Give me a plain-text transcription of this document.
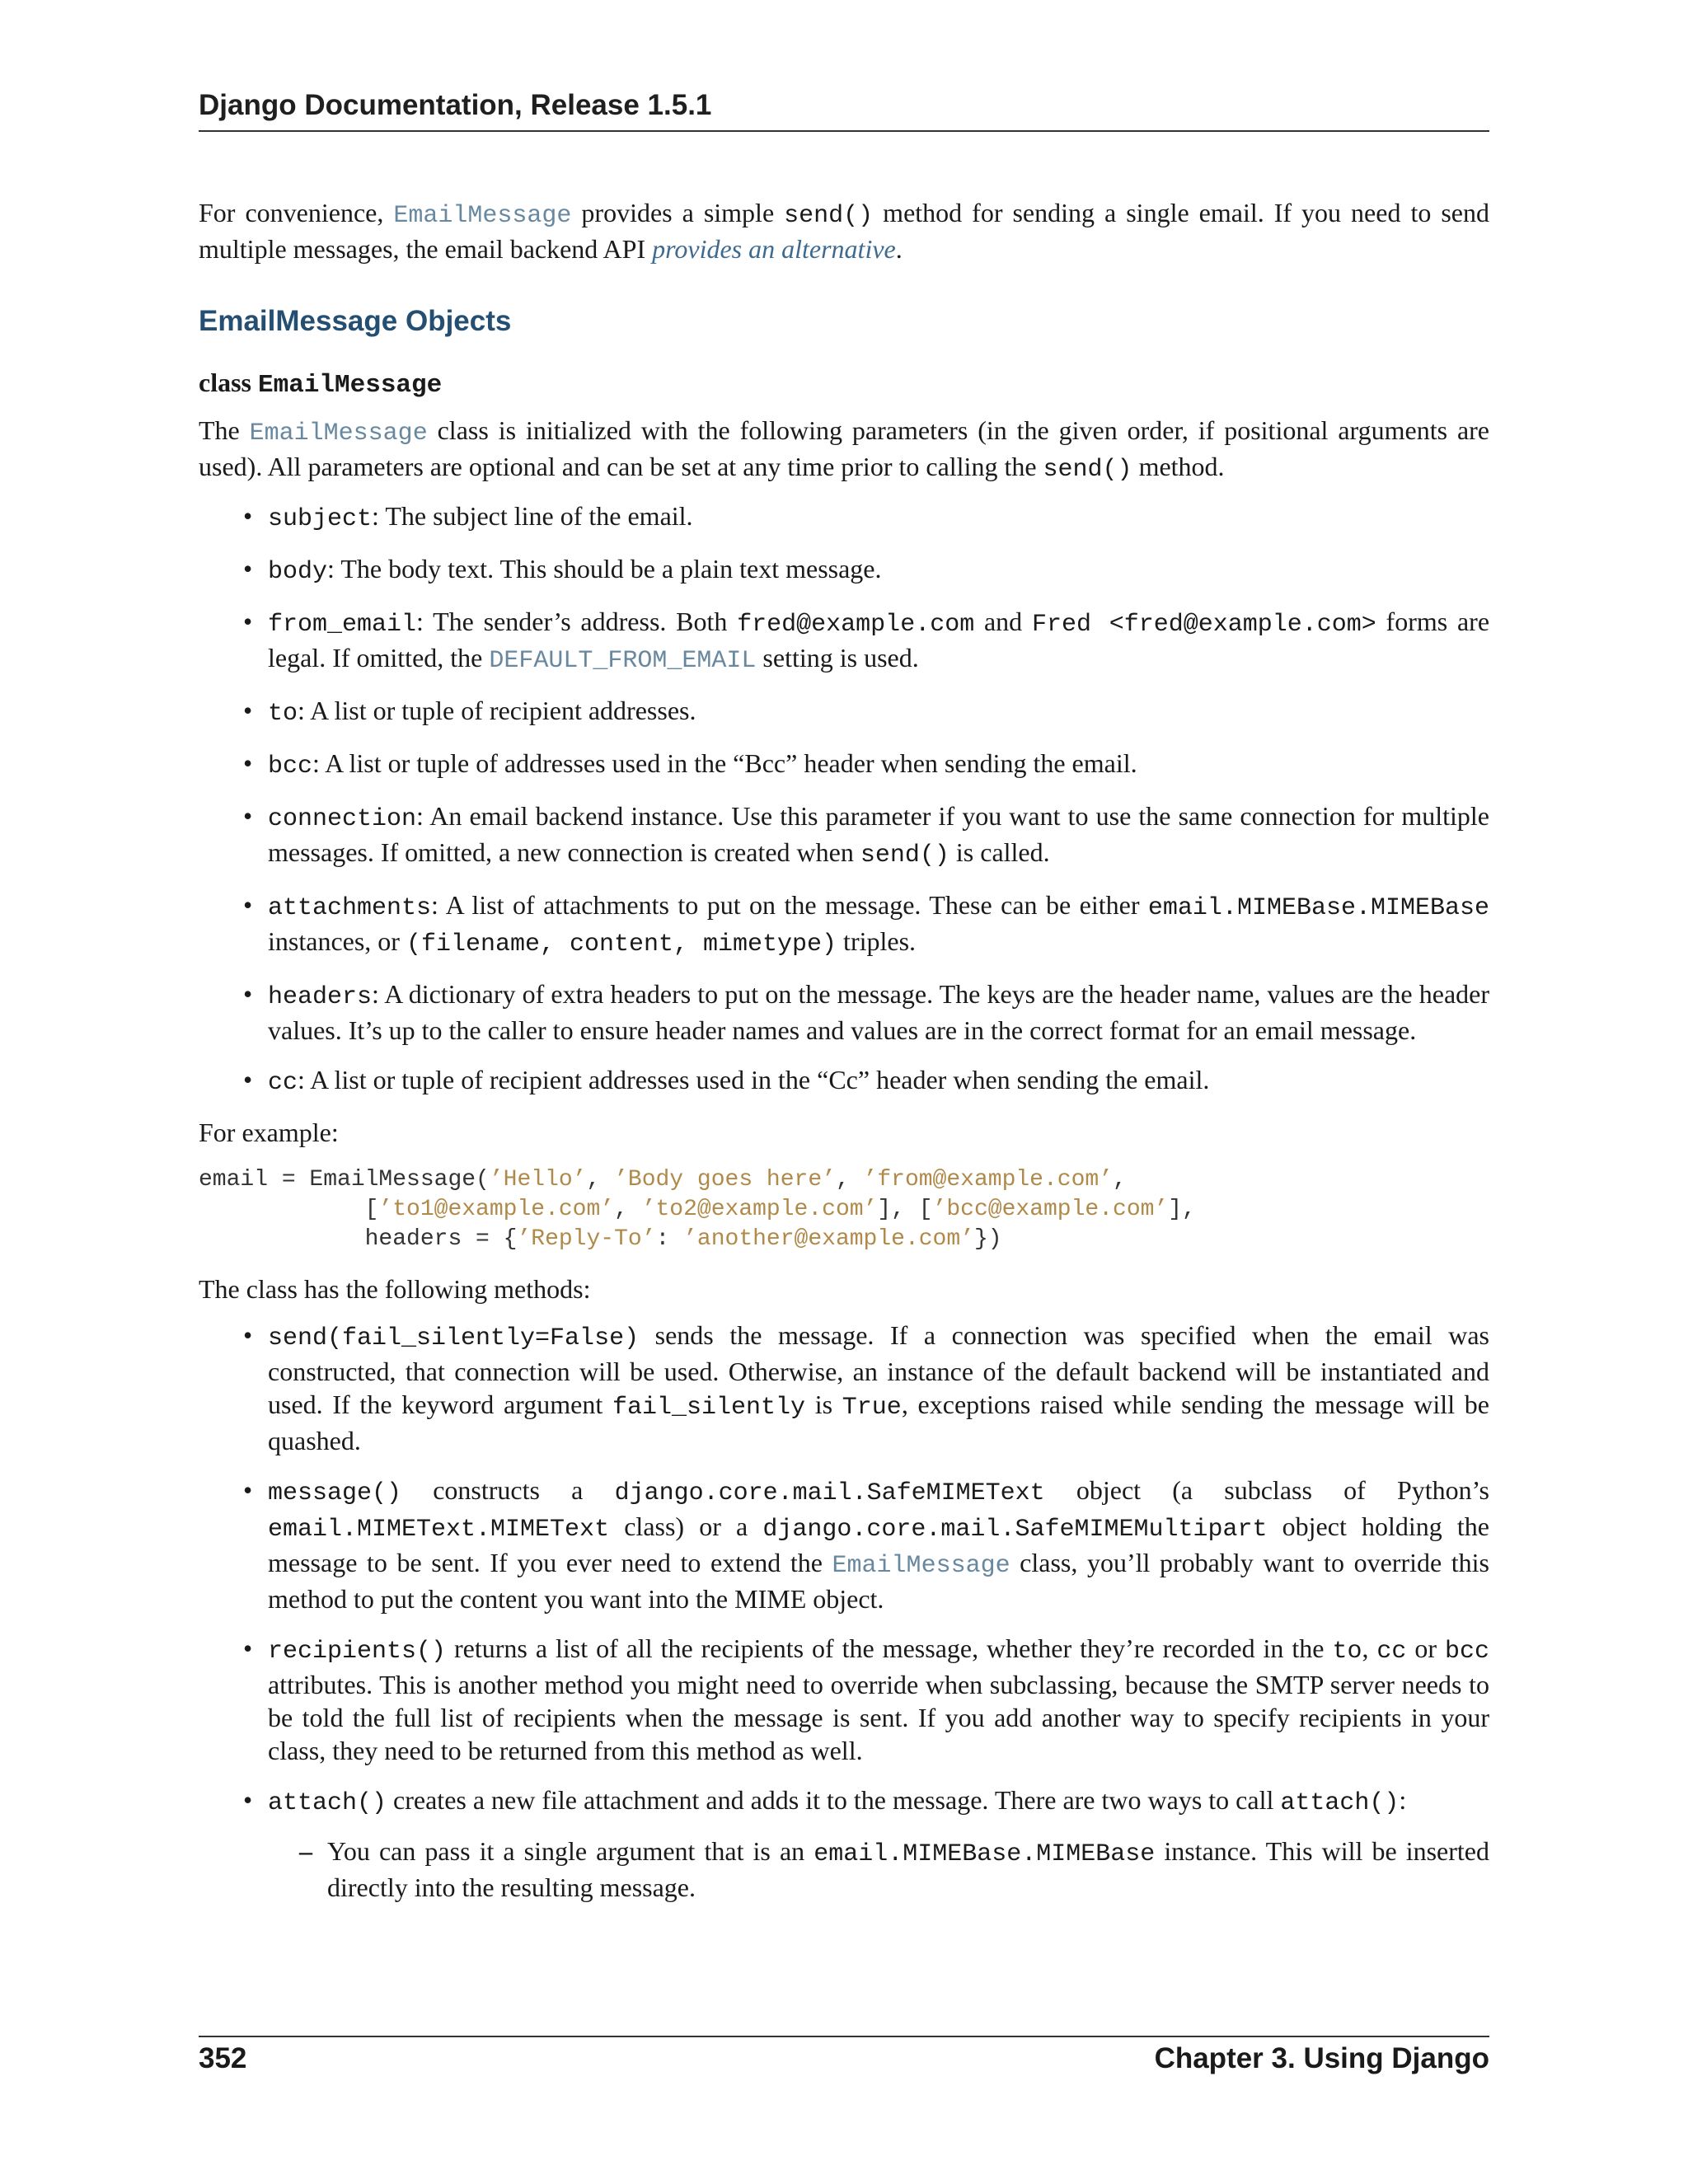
Django Documentation, Release 1.5.1

For convenience, EmailMessage provides a simple send() method for sending a single email. If you need to send multiple messages, the email backend API provides an alternative.

EmailMessage Objects
class EmailMessage

The EmailMessage class is initialized with the following parameters (in the given order, if positional arguments are used). All parameters are optional and can be set at any time prior to calling the send() method.

• subject: The subject line of the email.
• body: The body text. This should be a plain text message.
• from_email: The sender’s address. Both fred@example.com and Fred <fred@example.com> forms are legal. If omitted, the DEFAULT_FROM_EMAIL setting is used.
• to: A list or tuple of recipient addresses.
• bcc: A list or tuple of addresses used in the “Bcc” header when sending the email.
• connection: An email backend instance. Use this parameter if you want to use the same connection for multiple messages. If omitted, a new connection is created when send() is called.
• attachments: A list of attachments to put on the message. These can be either email.MIMEBase.MIMEBase instances, or (filename, content, mimetype) triples.
• headers: A dictionary of extra headers to put on the message. The keys are the header name, values are the header values. It’s up to the caller to ensure header names and values are in the correct format for an email message.
• cc: A list or tuple of recipient addresses used in the “Cc” header when sending the email.

For example:

email = EmailMessage(’Hello’, ’Body goes here’, ’from@example.com’,
[’to1@example.com’, ’to2@example.com’], [’bcc@example.com’],
headers = {’Reply-To’: ’another@example.com’})

The class has the following methods:

• send(fail_silently=False) sends the message. If a connection was specified when the email was constructed, that connection will be used. Otherwise, an instance of the default backend will be instantiated and used. If the keyword argument fail_silently is True, exceptions raised while sending the message will be quashed.
• message() constructs a django.core.mail.SafeMIMEText object (a subclass of Python’s email.MIMEText.MIMEText class) or a django.core.mail.SafeMIMEMultipart object holding the message to be sent. If you ever need to extend the EmailMessage class, you’ll probably want to override this method to put the content you want into the MIME object.
• recipients() returns a list of all the recipients of the message, whether they’re recorded in the to, cc or bcc attributes. This is another method you might need to override when subclassing, because the SMTP server needs to be told the full list of recipients when the message is sent. If you add another way to specify recipients in your class, they need to be returned from this method as well.
• attach() creates a new file attachment and adds it to the message. There are two ways to call attach():
– You can pass it a single argument that is an email.MIMEBase.MIMEBase instance. This will be inserted directly into the resulting message.
352	Chapter 3. Using Django
